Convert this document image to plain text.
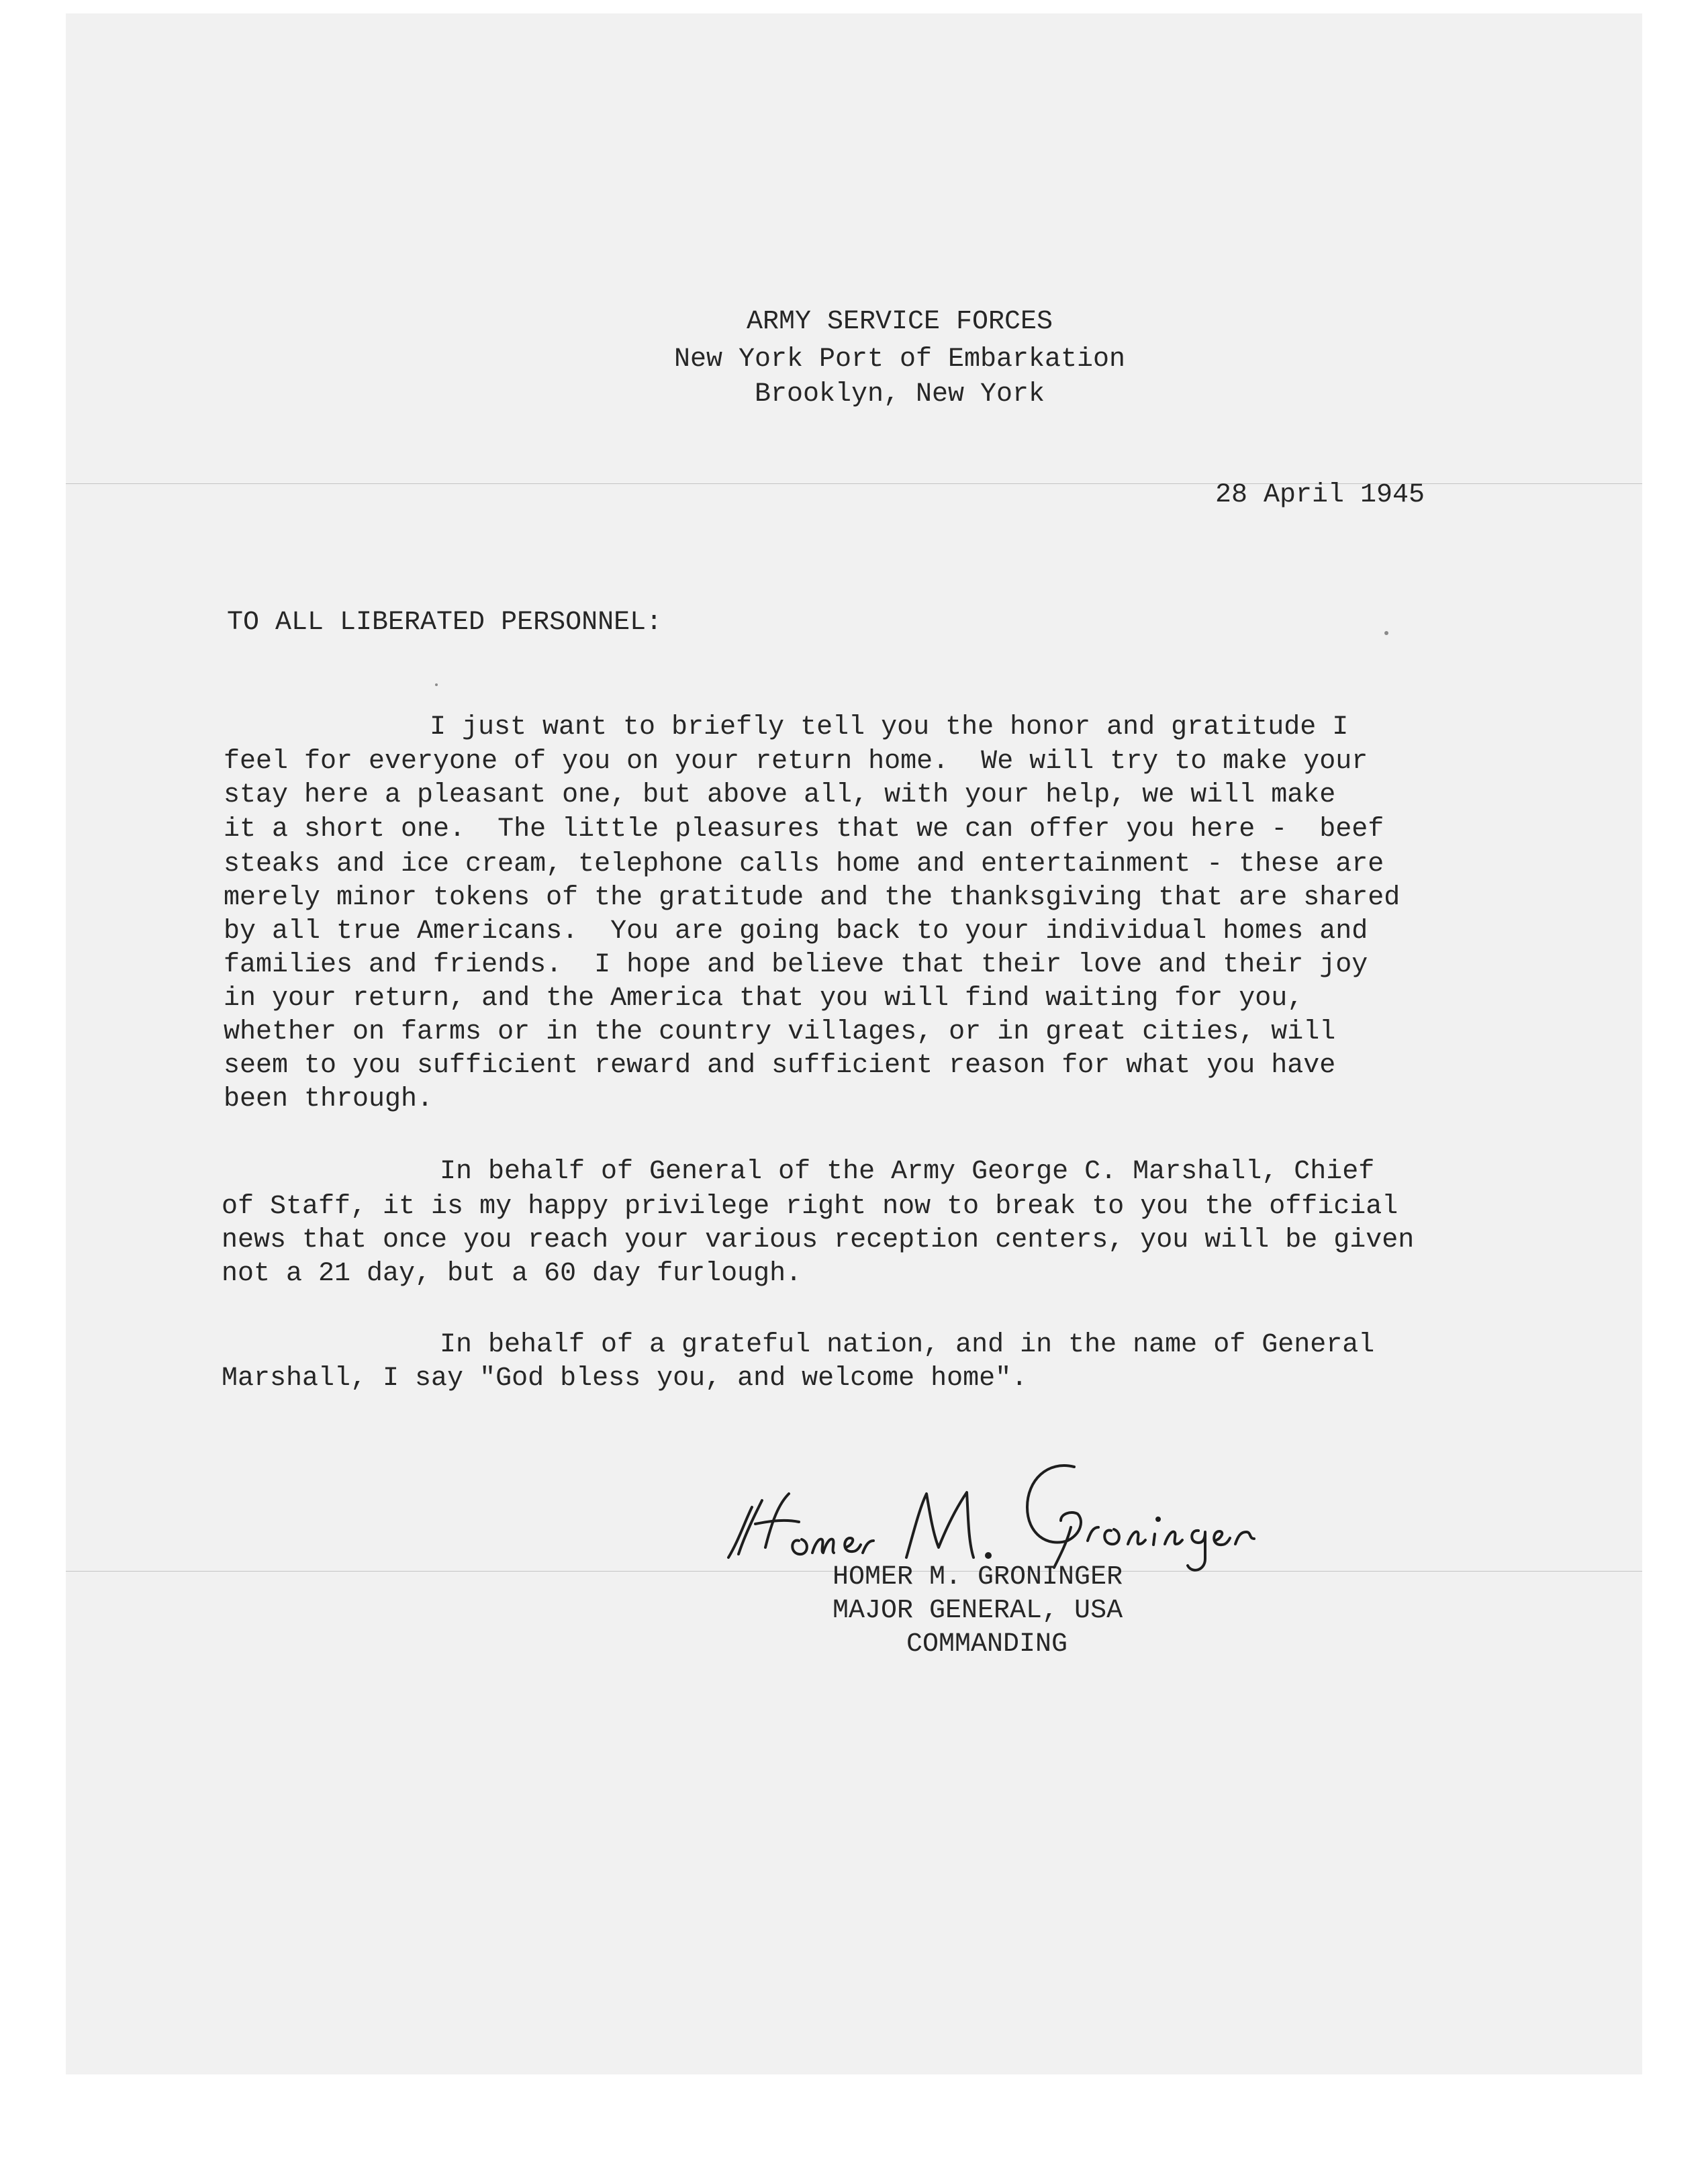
ARMY SERVICE FORCES
New York Port of Embarkation
Brooklyn, New York
28 April 1945
TO ALL LIBERATED PERSONNEL:
I just want to briefly tell you the honor and gratitude I
feel for everyone of you on your return home.  We will try to make your
stay here a pleasant one, but above all, with your help, we will make
it a short one.  The little pleasures that we can offer you here -  beef
steaks and ice cream, telephone calls home and entertainment - these are
merely minor tokens of the gratitude and the thanksgiving that are shared
by all true Americans.  You are going back to your individual homes and
families and friends.  I hope and believe that their love and their joy
in your return, and the America that you will find waiting for you,
whether on farms or in the country villages, or in great cities, will
seem to you sufficient reward and sufficient reason for what you have
been through.
In behalf of General of the Army George C. Marshall, Chief
of Staff, it is my happy privilege right now to break to you the official
news that once you reach your various reception centers, you will be given
not a 21 day, but a 60 day furlough.
In behalf of a grateful nation, and in the name of General
Marshall, I say "God bless you, and welcome home".
HOMER M. GRONINGER
MAJOR GENERAL, USA
COMMANDING
